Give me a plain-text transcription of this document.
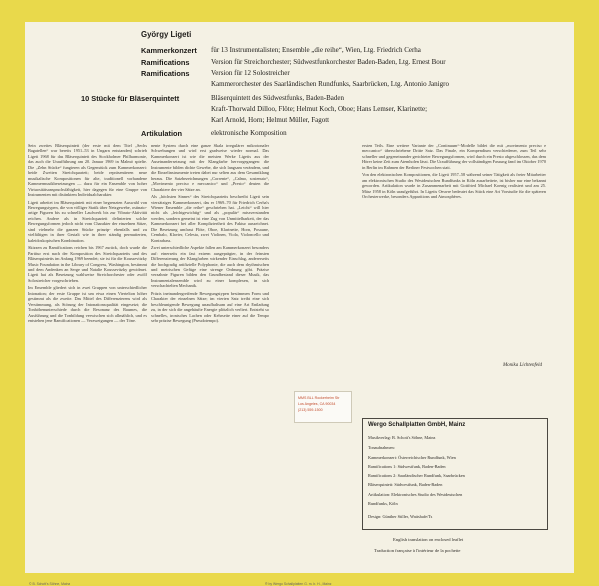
György Ligeti
Kammerkonzert für 13 Instrumentalisten; Ensemble „die reihe“, Wien, Ltg. Friedrich Cerha
Ramifications	Version für Streichorchester; Südwestfunkorchester Baden-Baden, Ltg. Ernest Bour
Ramifications	Version für 12 Solostreicher
Kammerorchester des Saarländischen Rundfunks, Saarbrücken, Ltg. Antonio Janigro
10 Stücke für Bläserquintett	Bläserquintett des Südwestfunks, Baden-Baden
Kraft-Thorwald Dilloo, Flöte; Helmut Koch, Oboe; Hans Lemser, Klarinette;
Karl Arnold, Horn; Helmut Müller, Fagott
Artikulation	elektronische Komposition

Sein zweites Bläserquintett (der erste mit dem Titel „Sechs Bagatellen“ war bereits 1951–53 in Ungarn entstanden) schrieb Ligeti 1968 für das Bläserquintett des Stockholmer Philharmonie, das auch die Uraufführung am 20. Januar 1969 in Malmö spielte. Die „Zehn Stücke“ fungieren als Gegenstück zum Kammerkonzert: beide Zweiten Streichquartett; beide repräsentieren neue musikalische Kompositionen für alte, traditionell vorhandene Kammermusikbesetzungen — dazu für ein Ensemble von hoher Virtuositätsanspruchsfähigkeit, hier dagegen für eine Gruppe von Instrumenten mit distinktem Individualcharakter.

Ligeti arbeitet im Bläserquintett mit einer begrenzten Auswahl von Bewegungstypen, die von völliger Statik über Netzgewebe, ostinato-artige Figuren bis zu schneller Laufwerk bis zur Vibrato-Aktivität reichen. Andere als in Streichquartett definierten solche Bewegungsformen jedoch nicht vom Charakter der einzelnen Sätze, sind vielmehr die ganzen Stücke prinzip- ebenfalls und zu vielfältigen in ihrer Gestalt wie in ihrer ständig permutierten, kaleidoskopischen Kombination.

Skizzen zu Ramifications reichen bis 1967 zurück, doch wurde die Partitur erst nach der Komposition des Streichquartetts und des Bläserquintetts im Anfang 1969 beendet; sie ist für die Koussevitzky Music Foundation in the Library of Congress, Washington, bestimmt und dem Andenken an Serge und Natalie Koussevitzky gewidmet. Ligeti hat als Besetzung wahlweise Streichorchester oder zwölf Solostreicher vorgeschrieben.

Im Ensemble gliedert sich in zwei Gruppen von unterschiedlicher Intonation; der erste Gruppe ist um etwa einen Viertelton höher gestimmt als die zweite. Das Mittel des Differenzierens wird als Verstimmung, als Störung der Intonationsqualität eingesetzt; die Tonhöhenunterschiede durch die Resonanz des Raumes, die Ausführung und die Tonbildung verwischen sich allmählich, und es entstehen jene Ramificationen — Verzweigungen — der Töne.

nente System durch eine ganze Skala irregulärer mikrotonaler Schwebungen und wird erst gradweise wieder normal. Das Kammerkonzert ist wie die meisten Werke Ligetis aus der Auseinandersetzung mit der Klangfarbe hervorgegangen: die Instrumente bilden dichte Gewebe, die sich langsam verändern, und die Einzelinstrumente treten dabei nur selten aus dem Gesamtklang heraus. Die Satzbezeichnungen „Corrente“, „Calmo, sostenuto“, „Movimento preciso e meccanico“ und „Presto“ deuten die Charaktere der vier Sätze an.

Als „höchsten Sinnes“ des Streichquartetts beschreibt Ligeti sein viersätziges Kammerkonzert, das er 1969–70 für Friedrich Cerha's Wiener Ensemble „die reihe“ geschrieben hat. „Leicht“ will hier nicht als „leichtgewichtig“ und als „populär“ missverstanden werden, sondern gemeint ist eine Zug von Unmittelbarkeit, der das Kammerkonzert bei aller Kompliziertheit des Faktur auszeichnet. Die Besetzung umfasst Flöte, Oboe, Klarinette, Horn, Posaune, Cembalo, Klavier, Celesta, zwei Violinen, Viola, Violoncello und Kontrabass.

Zwei unterschiedliche Aspekte fallen am Kammerkonzert besonders auf: einerseits ein fast extrem ausgeprägter, in der feinsten Differenzierung der Klangfarben wirkender Einschlag, andererseits die hochgradig artifizielle Polyphonie, die auch dem rhythmischen und metrischen Gefüge eine strenge Ordnung gibt. Präzise verzahnte Figuren bilden den Grundbestand dieser Musik, das Instrumentalensemble wird zu einer komplexen, in sich verschachtelten Mechanik.

Präzis ineinandergreifende Bewegungstypen bestimmen Form und Charakter der einzelnen Sätze; im vierten Satz treibt eine sich beschleunigende Bewegung unaufhaltsam auf eine Art Entladung zu, in der sich die angehäufte Energie plötzlich verliert. Entsteht so schnelles, ironisches Lachen oder Kehrseite einer auf die Tempo sehr präzise Bewegung (Pseudotempo).

ersten Teils. Eine weitere Variante der „Continuum“-Modelle bildet die mit „movimento preciso e meccanico“ überschriebene Dritte Satz. Das Finale, ein Kompendium verschiedener, zum Teil sehr schneller und gegeneinander gerichteter Bewegungsformen, wird durch ein Presto abgeschlossen, das dem Hörer keine Zeit zum Atemholen lässt. Die Uraufführung der vollständigen Fassung fand im Oktober 1970 in Berlin im Rahmen der Berliner Festwochen statt.

Von den elektronischen Kompositionen, die Ligeti 1957–58 während seiner Tätigkeit als freier Mitarbeiter am elektronischen Studio des Westdeutschen Rundfunks in Köln ausarbeitete, ist bisher nur eine bekannt geworden. Artikulation wurde in Zusammenarbeit mit Gottfried Michael Koenig realisiert und am 25. März 1958 in Köln uraufgeführt. In Ligetis Oeuvre bedeutet das Stück eine Art Vorstudie für die späteren Orchesterwerke, besonders Apparitions und Atmosphères.

Monika Lichtenfeld
MMS BLL Rockerheim Str
Los Angeles, CA 90034
(213) 559-1500
Wergo Schallplatten GmbH, Mainz
Musikverlag: B. Schott's Söhne, Mainz
Tonaufnahmen:
Kammerkonzert: Österreichischer Rundfunk, Wien
Ramifications 1: Südwestfunk, Baden-Baden
Ramifications 2: Saarländischer Rundfunk, Saarbrücken
Bläserquintett: Südwestfunk, Baden-Baden
Artikulation: Elektronisches Studio des Westdeutschen
Rundfunks, Köln
Design: Günther Stiller, Wattshafe/Ts
English translation on enclosed leaflet
Traduction française à l'intérieur de la pochette
© B. Schott's Söhne, Mainz	® by Wergo Schallplatten G. m. b. H., Mainz
